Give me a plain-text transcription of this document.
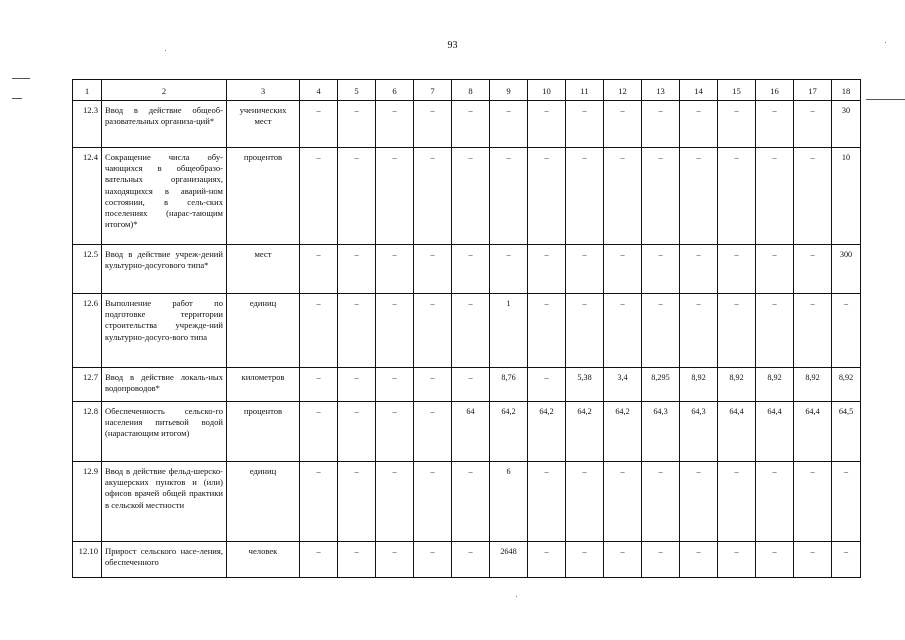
93
1	2	3	4	5	6	7	8	9	10	11	12	13	14	15	16	17	18
12.3	Ввод в действие общеоб-разовательных организа-ций*	ученических мест	–	–	–	–	–	–	–	–	–	–	–	–	–	–	30
12.4	Сокращение числа обу-чающихся в общеобразо-вательных организациях, находящихся в аварий-ном состоянии, в сель-ских поселениях (нарас-тающим итогом)*	процентов	–	–	–	–	–	–	–	–	–	–	–	–	–	–	10
12.5	Ввод в действие учреж-дений культурно-досугового типа*	мест	–	–	–	–	–	–	–	–	–	–	–	–	–	–	300
12.6	Выполнение работ по подготовке территории строительства учрежде-ний культурно-досуго-вого типа	единиц	–	–	–	–	–	1	–	–	–	–	–	–	–	–	–
12.7	Ввод в действие локаль-ных водопроводов*	километров	–	–	–	–	–	8,76	–	5,38	3,4	8,295	8,92	8,92	8,92	8,92	8,92
12.8	Обеспеченность сельско-го населения питьевой водой (нарастающим итогом)	процентов	–	–	–	–	64	64,2	64,2	64,2	64,2	64,3	64,3	64,4	64,4	64,4	64,5
12.9	Ввод в действие фельд-шерско-акушерских пунктов и (или) офисов врачей общей практики в сельской местности	единиц	–	–	–	–	–	6	–	–	–	–	–	–	–	–	–
12.10	Прирост сельского насе-ления, обеспеченного	человек	–	–	–	–	–	2648	–	–	–	–	–	–	–	–	–
